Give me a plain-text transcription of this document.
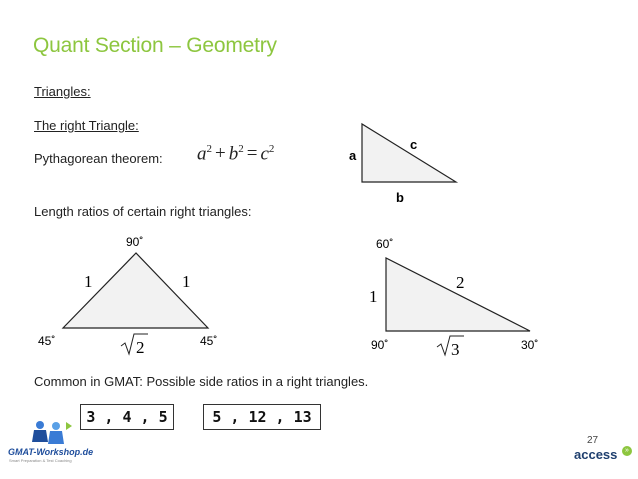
Quant Section – Geometry
Triangles:
The right Triangle:
Pythagorean theorem: $a^2 + b^2 = c^2$
Length ratios of certain right triangles:
a
c
b
90˚
45˚	45˚
1	1
2
60˚
90˚	30˚
1
2
3
Common in GMAT: Possible side ratios in a right triangles.
3 , 4 , 5	5 , 12 , 13
27
GMAT-Workshop.de
Smart Preparation & Test Coaching	access	»
